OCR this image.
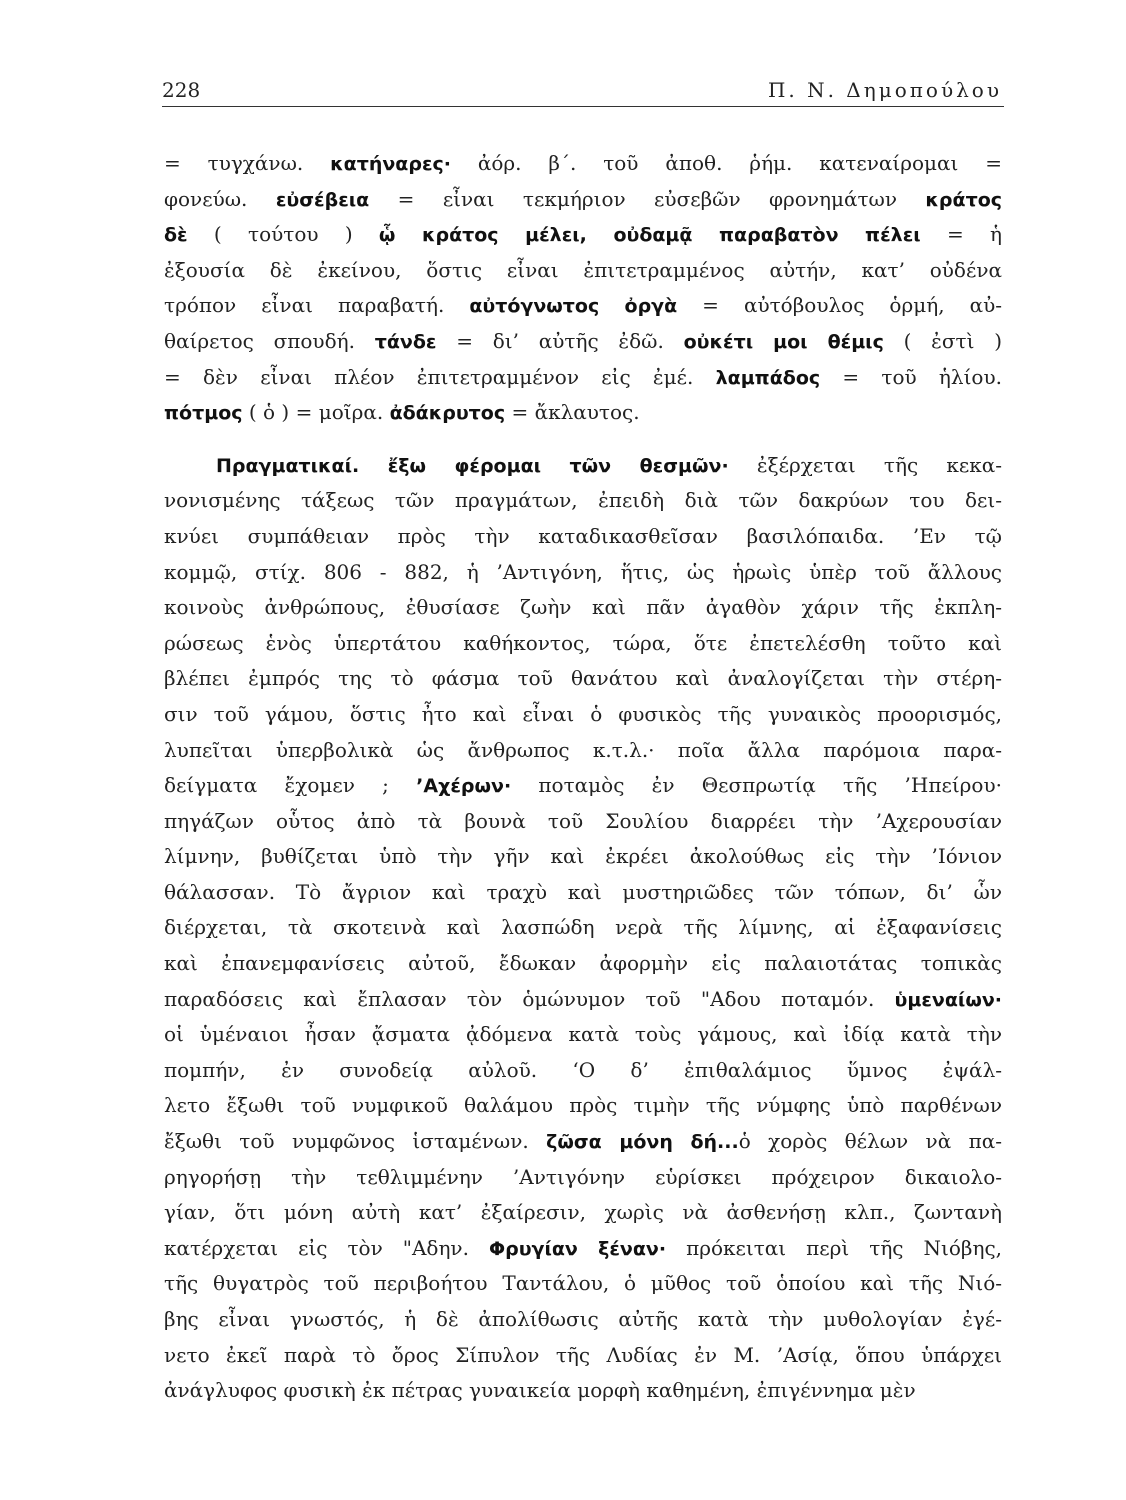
228	Π. Ν. Δημοπούλου
= τυγχάνω. κατήναρες· ἀόρ. β΄. τοῦ ἀποθ. ῥήμ. κατεναίρομαι =
φονεύω. εὐσέβεια = εἶναι τεκμήριον εὐσεβῶν φρονημάτων κράτος
δὲ ( τούτου ) ᾧ κράτος μέλει, οὐδαμᾷ παραβατὸν πέλει = ἡ
ἐξουσία δὲ ἐκείνου, ὅστις εἶναι ἐπιτετραμμένος αὐτήν, κατ’ οὐδένα
τρόπον εἶναι παραβατή. αὐτόγνωτος ὀργὰ = αὐτόβουλος ὁρμή, αὐ-
θαίρετος σπουδή. τάνδε = δι’ αὐτῆς ἐδῶ. οὐκέτι μοι θέμις ( ἐστὶ )
= δὲν εἶναι πλέον ἐπιτετραμμένον εἰς ἐμέ. λαμπάδος = τοῦ ἡλίου.
πότμος ( ὁ ) = μοῖρα. ἀδάκρυτος = ἄκλαυτος.
Πραγματικαί. ἔξω φέρομαι τῶν θεσμῶν· ἐξέρχεται τῆς κεκα-
νονισμένης τάξεως τῶν πραγμάτων, ἐπειδὴ διὰ τῶν δακρύων του δει-
κνύει συμπάθειαν πρὸς τὴν καταδικασθεῖσαν βασιλόπαιδα. ’Εν τῷ
κομμῷ, στίχ. 806 - 882, ἡ ’Αντιγόνη, ἥτις, ὡς ἡρωὶς ὑπὲρ τοῦ ἄλλους
κοινοὺς ἀνθρώπους, ἐθυσίασε ζωὴν καὶ πᾶν ἀγαθὸν χάριν τῆς ἐκπλη-
ρώσεως ἑνὸς ὑπερτάτου καθήκοντος, τώρα, ὅτε ἐπετελέσθη τοῦτο καὶ
βλέπει ἐμπρός της τὸ φάσμα τοῦ θανάτου καὶ ἀναλογίζεται τὴν στέρη-
σιν τοῦ γάμου, ὅστις ἦτο καὶ εἶναι ὁ φυσικὸς τῆς γυναικὸς προορισμός,
λυπεῖται ὑπερβολικὰ ὡς ἄνθρωπος κ.τ.λ.· ποῖα ἄλλα παρόμοια παρα-
δείγματα ἔχομεν ; ’Αχέρων· ποταμὸς ἐν Θεσπρωτίᾳ τῆς ’Ηπείρου·
πηγάζων οὗτος ἀπὸ τὰ βουνὰ τοῦ Σουλίου διαρρέει τὴν ’Αχερουσίαν
λίμνην, βυθίζεται ὑπὸ τὴν γῆν καὶ ἐκρέει ἀκολούθως εἰς τὴν ’Ιόνιον
θάλασσαν. Τὸ ἄγριον καὶ τραχὺ καὶ μυστηριῶδες τῶν τόπων, δι’ ὧν
διέρχεται, τὰ σκοτεινὰ καὶ λασπώδη νερὰ τῆς λίμνης, αἱ ἐξαφανίσεις
καὶ ἐπανεμφανίσεις αὐτοῦ, ἔδωκαν ἀφορμὴν εἰς παλαιοτάτας τοπικὰς
παραδόσεις καὶ ἔπλασαν τὸν ὁμώνυμον τοῦ "Αδου ποταμόν. ὑμεναίων·
οἱ ὑμέναιοι ἦσαν ᾄσματα ᾀδόμενα κατὰ τοὺς γάμους, καὶ ἰδίᾳ κατὰ τὴν
πομπήν, ἐν συνοδείᾳ αὐλοῦ. ‘Ο δ’ ἐπιθαλάμιος ὕμνος ἐψάλ-
λετο ἔξωθι τοῦ νυμφικοῦ θαλάμου πρὸς τιμὴν τῆς νύμφης ὑπὸ παρθένων
ἔξωθι τοῦ νυμφῶνος ἱσταμένων. ζῶσα μόνη δή...ὁ χορὸς θέλων νὰ πα-
ρηγορήσῃ τὴν τεθλιμμένην ’Αντιγόνην εὑρίσκει πρόχειρον δικαιολο-
γίαν, ὅτι μόνη αὐτὴ κατ’ ἐξαίρεσιν, χωρὶς νὰ ἀσθενήσῃ κλπ., ζωντανὴ
κατέρχεται εἰς τὸν "Αδην. Φρυγίαν ξέναν· πρόκειται περὶ τῆς Νιόβης,
τῆς θυγατρὸς τοῦ περιβοήτου Ταντάλου, ὁ μῦθος τοῦ ὁποίου καὶ τῆς Νιό-
βης εἶναι γνωστός, ἡ δὲ ἀπολίθωσις αὐτῆς κατὰ τὴν μυθολογίαν ἐγέ-
νετο ἐκεῖ παρὰ τὸ ὄρος Σίπυλον τῆς Λυδίας ἐν Μ. ’Ασίᾳ, ὅπου ὑπάρχει
ἀνάγλυφος φυσικὴ ἐκ πέτρας γυναικεία μορφὴ καθημένη, ἐπιγέννημα μὲν
